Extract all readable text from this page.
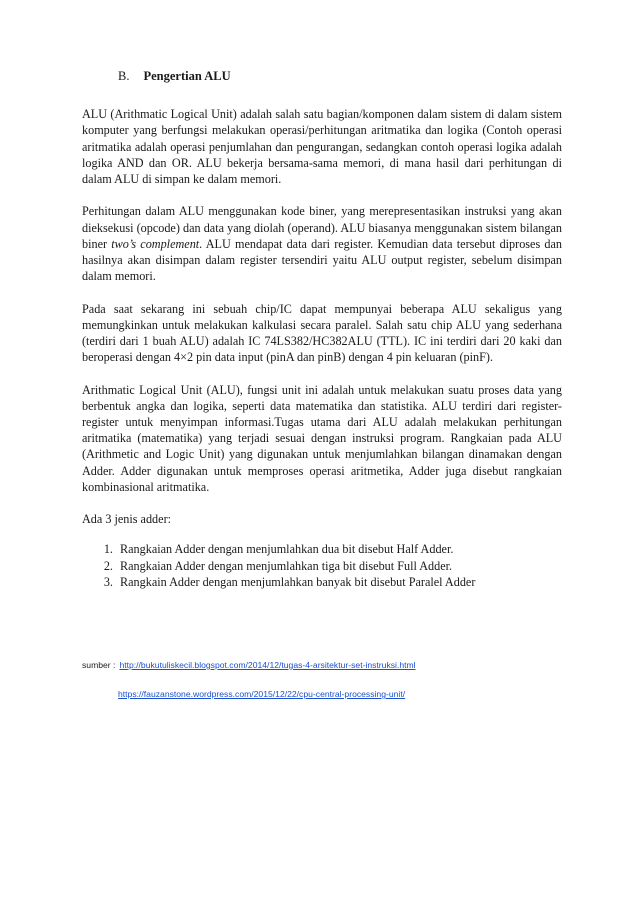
B. Pengertian ALU

ALU (Arithmatic Logical Unit) adalah salah satu bagian/komponen dalam sistem di dalam sistem komputer yang berfungsi melakukan operasi/perhitungan aritmatika dan logika (Contoh operasi aritmatika adalah operasi penjumlahan dan pengurangan, sedangkan contoh operasi logika adalah logika AND dan OR. ALU bekerja bersama-sama memori, di mana hasil dari perhitungan di dalam ALU di simpan ke dalam memori.

Perhitungan dalam ALU menggunakan kode biner, yang merepresentasikan instruksi yang akan dieksekusi (opcode) dan data yang diolah (operand). ALU biasanya menggunakan sistem bilangan biner two’s complement. ALU mendapat data dari register. Kemudian data tersebut diproses dan hasilnya akan disimpan dalam register tersendiri yaitu ALU output register, sebelum disimpan dalam memori.

Pada saat sekarang ini sebuah chip/IC dapat mempunyai beberapa ALU sekaligus yang memungkinkan untuk melakukan kalkulasi secara paralel. Salah satu chip ALU yang sederhana (terdiri dari 1 buah ALU) adalah IC 74LS382/HC382ALU (TTL). IC ini terdiri dari 20 kaki dan beroperasi dengan 4×2 pin data input (pinA dan pinB) dengan 4 pin keluaran (pinF).

Arithmatic Logical Unit (ALU), fungsi unit ini adalah untuk melakukan suatu proses data yang berbentuk angka dan logika, seperti data matematika dan statistika. ALU terdiri dari register-register untuk menyimpan informasi.Tugas utama dari ALU adalah melakukan perhitungan aritmatika (matematika) yang terjadi sesuai dengan instruksi program. Rangkaian pada ALU (Arithmetic and Logic Unit) yang digunakan untuk menjumlahkan bilangan dinamakan dengan Adder. Adder digunakan untuk memproses operasi aritmetika, Adder juga disebut rangkaian kombinasional aritmatika.

Ada 3 jenis adder:

1. Rangkaian Adder dengan menjumlahkan dua bit disebut Half Adder.
2. Rangkaian Adder dengan menjumlahkan tiga bit disebut Full Adder.
3. Rangkain Adder dengan menjumlahkan banyak bit disebut Paralel Adder
sumber : http://bukutuliskecil.blogspot.com/2014/12/tugas-4-arsitektur-set-instruksi.html
https://fauzanstone.wordpress.com/2015/12/22/cpu-central-processing-unit/
